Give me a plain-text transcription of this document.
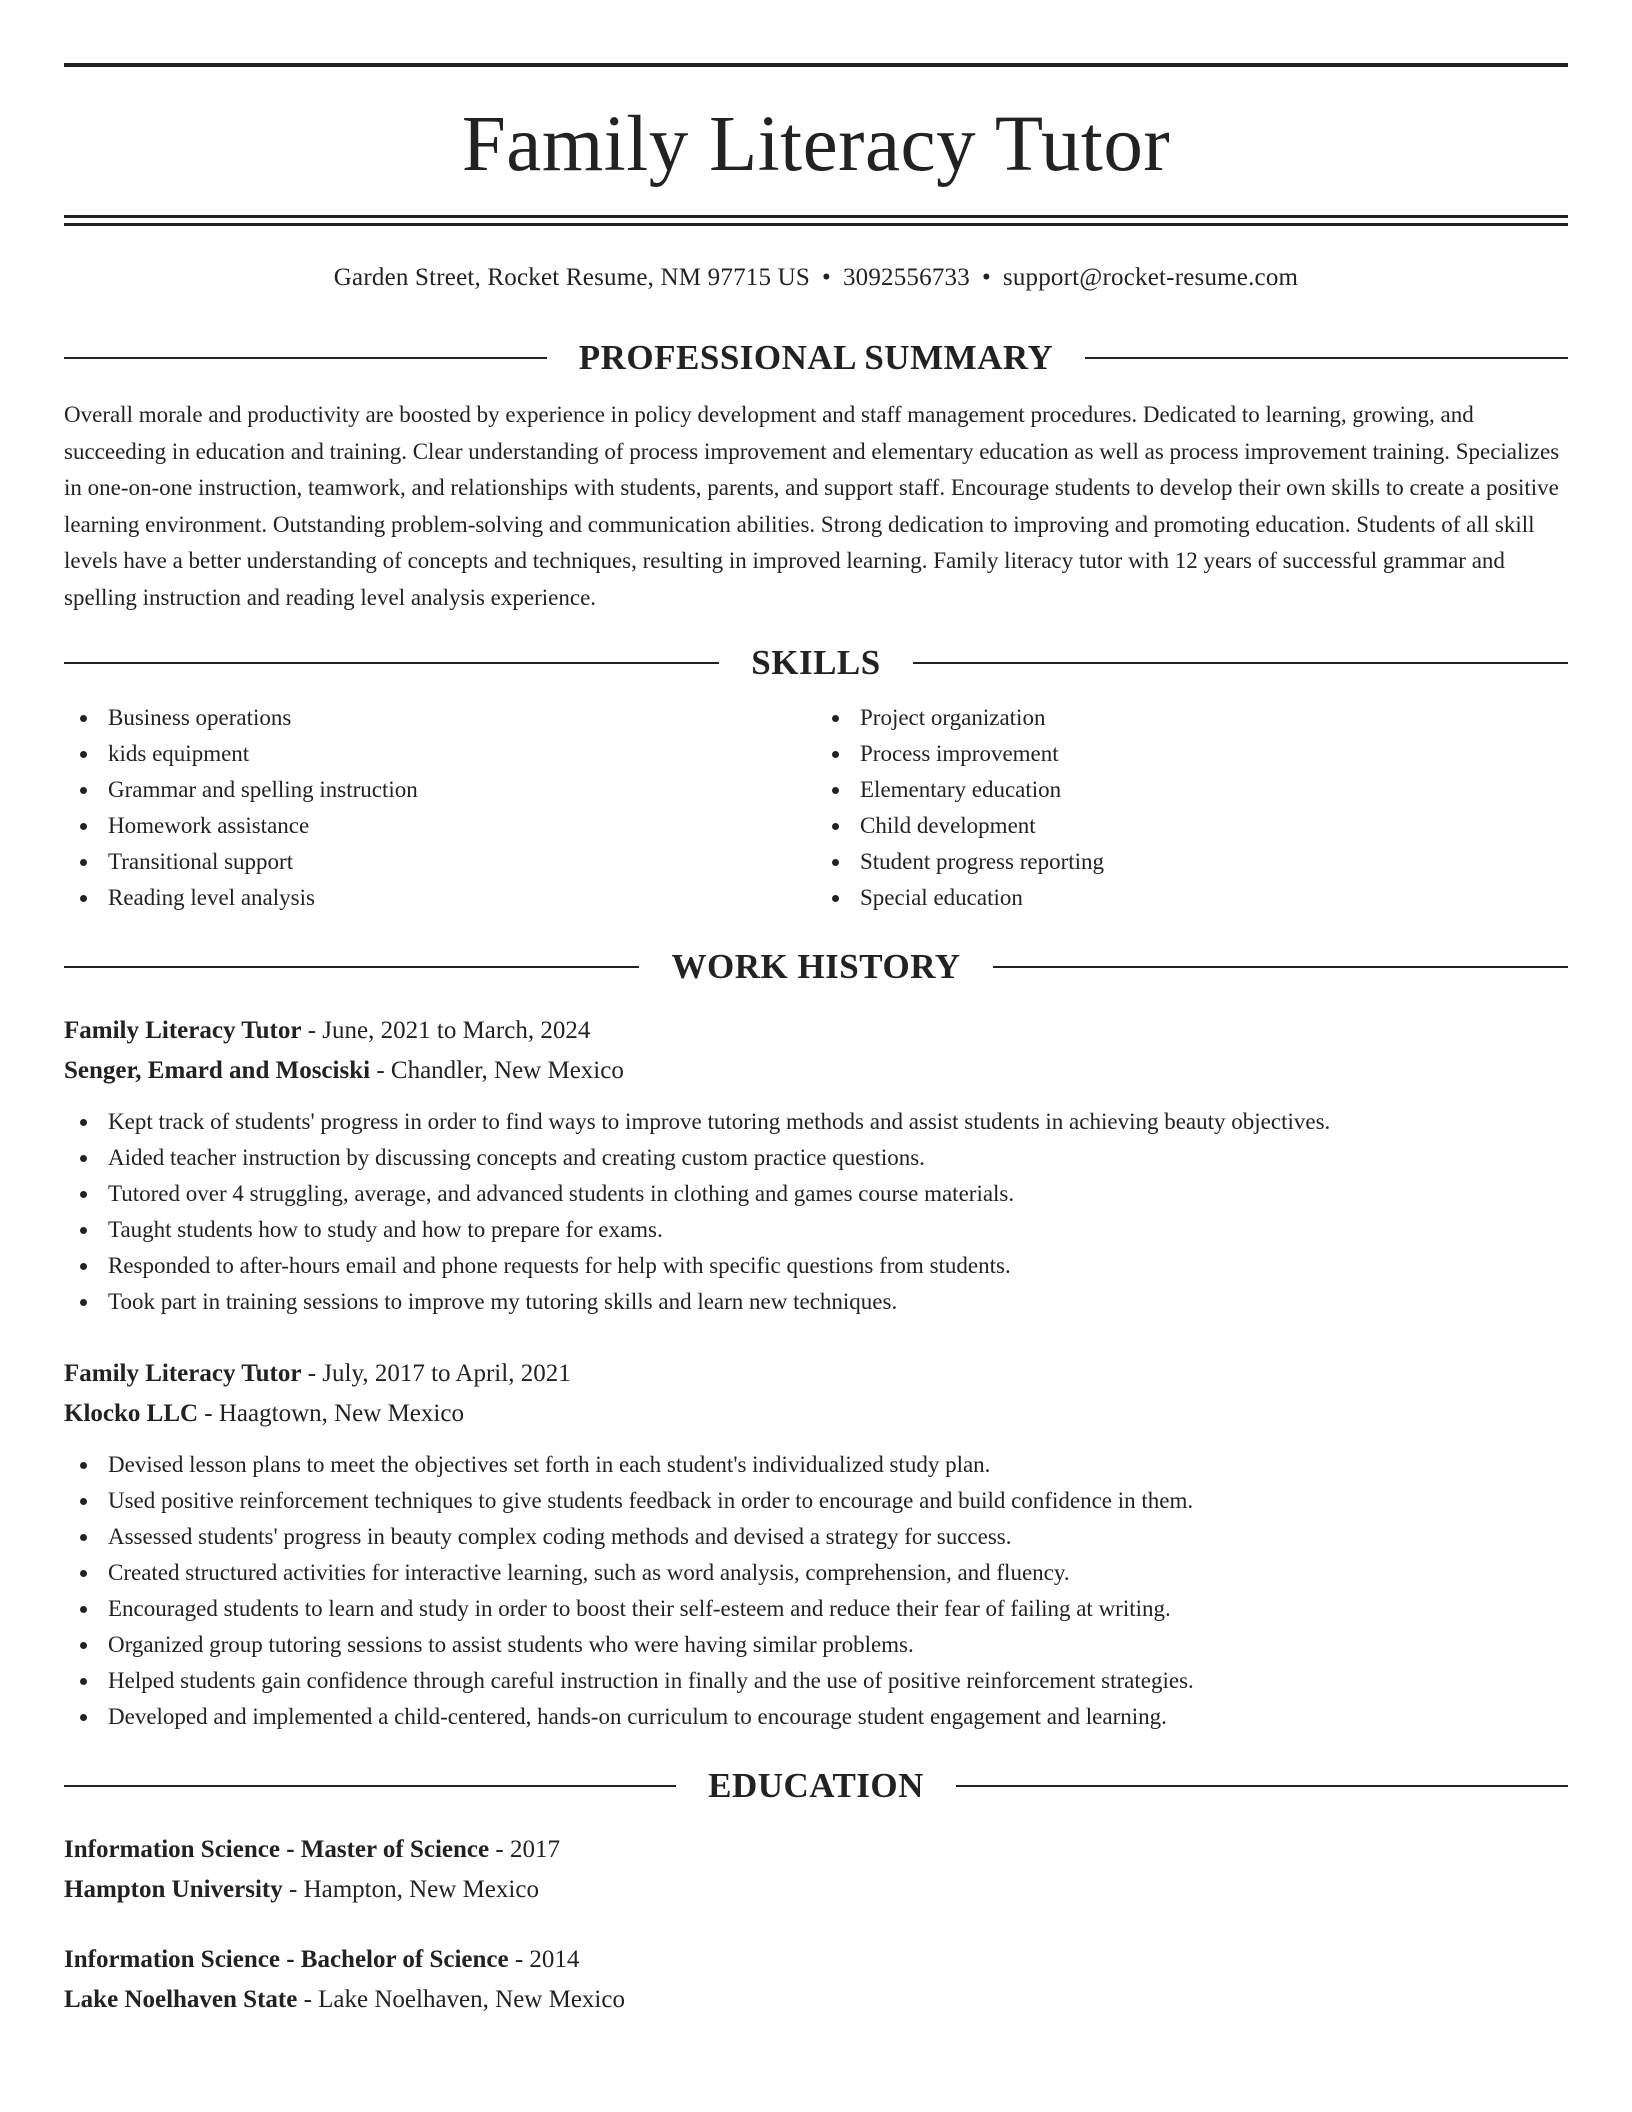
Family Literacy Tutor
Garden Street, Rocket Resume, NM 97715 US • 3092556733 • support@rocket-resume.com
PROFESSIONAL SUMMARY

Overall morale and productivity are boosted by experience in policy development and staff management procedures. Dedicated to learning, growing, and succeeding in education and training. Clear understanding of process improvement and elementary education as well as process improvement training. Specializes in one-on-one instruction, teamwork, and relationships with students, parents, and support staff. Encourage students to develop their own skills to create a positive learning environment. Outstanding problem-solving and communication abilities. Strong dedication to improving and promoting education. Students of all skill levels have a better understanding of concepts and techniques, resulting in improved learning. Family literacy tutor with 12 years of successful grammar and spelling instruction and reading level analysis experience.

SKILLS
Business operations
kids equipment
Grammar and spelling instruction
Homework assistance
Transitional support
Reading level analysis
Project organization
Process improvement
Elementary education
Child development
Student progress reporting
Special education
WORK HISTORY
Family Literacy Tutor - June, 2021 to March, 2024
Senger, Emard and Mosciski - Chandler, New Mexico
Kept track of students' progress in order to find ways to improve tutoring methods and assist students in achieving beauty objectives.
Aided teacher instruction by discussing concepts and creating custom practice questions.
Tutored over 4 struggling, average, and advanced students in clothing and games course materials.
Taught students how to study and how to prepare for exams.
Responded to after-hours email and phone requests for help with specific questions from students.
Took part in training sessions to improve my tutoring skills and learn new techniques.
Family Literacy Tutor - July, 2017 to April, 2021
Klocko LLC - Haagtown, New Mexico
Devised lesson plans to meet the objectives set forth in each student's individualized study plan.
Used positive reinforcement techniques to give students feedback in order to encourage and build confidence in them.
Assessed students' progress in beauty complex coding methods and devised a strategy for success.
Created structured activities for interactive learning, such as word analysis, comprehension, and fluency.
Encouraged students to learn and study in order to boost their self-esteem and reduce their fear of failing at writing.
Organized group tutoring sessions to assist students who were having similar problems.
Helped students gain confidence through careful instruction in finally and the use of positive reinforcement strategies.
Developed and implemented a child-centered, hands-on curriculum to encourage student engagement and learning.
EDUCATION
Information Science - Master of Science - 2017
Hampton University - Hampton, New Mexico
Information Science - Bachelor of Science - 2014
Lake Noelhaven State - Lake Noelhaven, New Mexico
